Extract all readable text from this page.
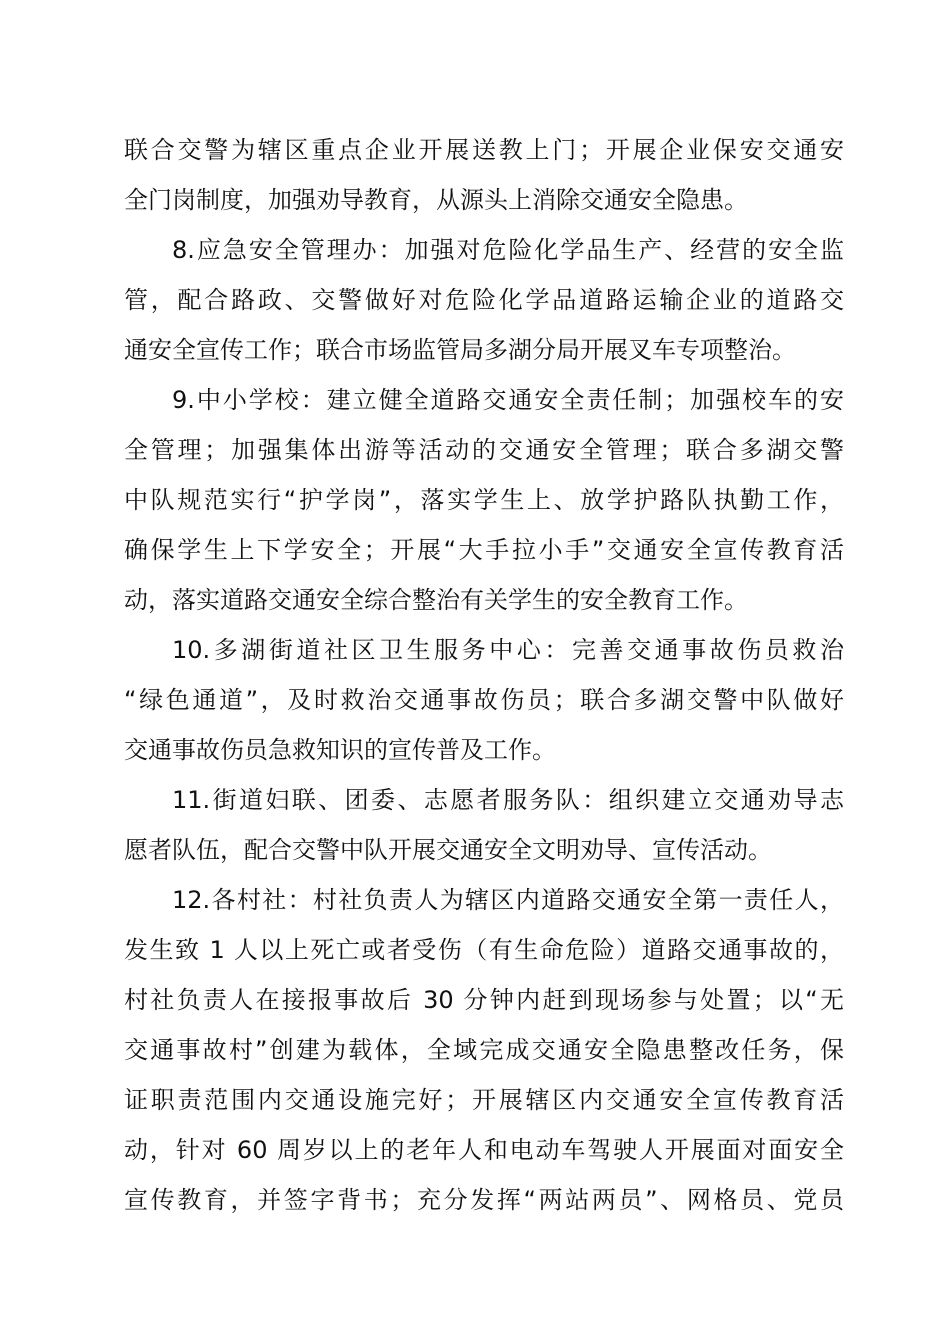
联合交警为辖区重点企业开展送教上门；开展企业保安交通安
全门岗制度，加强劝导教育，从源头上消除交通安全隐患。
8.应急安全管理办：加强对危险化学品生产、经营的安全监
管，配合路政、交警做好对危险化学品道路运输企业的道路交
通安全宣传工作；联合市场监管局多湖分局开展叉车专项整治。
9.中小学校：建立健全道路交通安全责任制；加强校车的安
全管理；加强集体出游等活动的交通安全管理；联合多湖交警
中队规范实行“护学岗”，落实学生上、放学护路队执勤工作，
确保学生上下学安全；开展“大手拉小手”交通安全宣传教育活
动，落实道路交通安全综合整治有关学生的安全教育工作。
10.多湖街道社区卫生服务中心：完善交通事故伤员救治
“绿色通道”，及时救治交通事故伤员；联合多湖交警中队做好
交通事故伤员急救知识的宣传普及工作。
11.街道妇联、团委、志愿者服务队：组织建立交通劝导志
愿者队伍，配合交警中队开展交通安全文明劝导、宣传活动。
12.各村社：村社负责人为辖区内道路交通安全第一责任人，
发生致 1 人以上死亡或者受伤（有生命危险）道路交通事故的，
村社负责人在接报事故后 30 分钟内赶到现场参与处置；以“无
交通事故村”创建为载体，全域完成交通安全隐患整改任务，保
证职责范围内交通设施完好；开展辖区内交通安全宣传教育活
动，针对 60 周岁以上的老年人和电动车驾驶人开展面对面安全
宣传教育，并签字背书；充分发挥“两站两员”、网格员、党员
